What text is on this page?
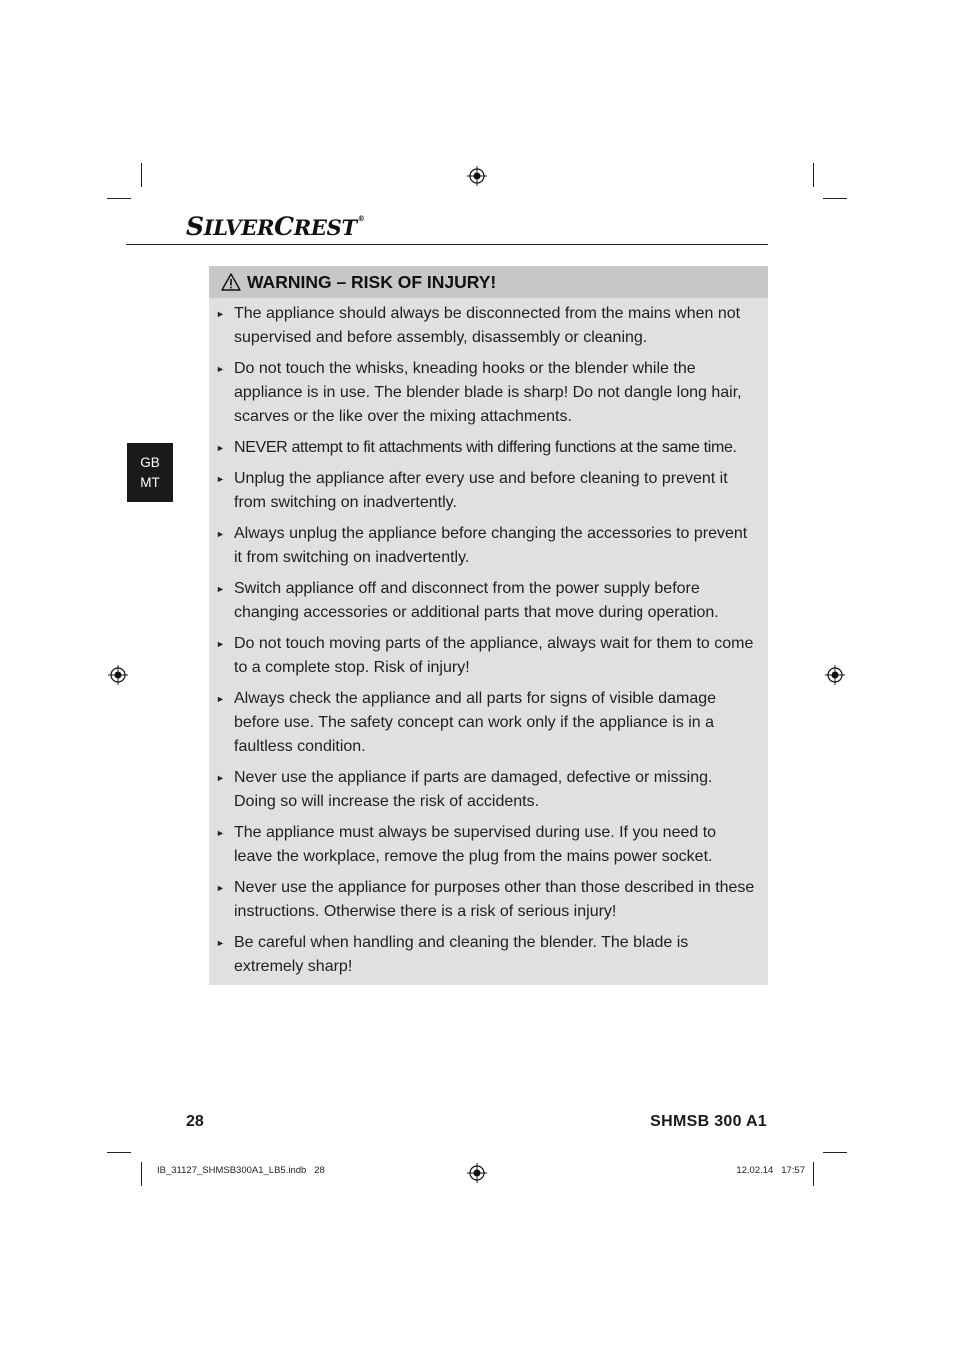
SILVERCREST®
GB
MT
WARNING – RISK OF INJURY!
► The appliance should always be disconnected from the mains when not supervised and before assembly, disassembly or cleaning.
► Do not touch the whisks, kneading hooks or the blender while the appliance is in use. The blender blade is sharp! Do not dangle long hair, scarves or the like over the mixing attachments.
► NEVER attempt to fit attachments with differing functions at the same time.
► Unplug the appliance after every use and before cleaning to prevent it from switching on inadvertently.
► Always unplug the appliance before changing the accessories to prevent it from switching on inadvertently.
► Switch appliance off and disconnect from the power supply before changing accessories or additional parts that move during operation.
► Do not touch moving parts of the appliance, always wait for them to come to a complete stop. Risk of injury!
► Always check the appliance and all parts for signs of visible damage before use. The safety concept can work only if the appliance is in a faultless condition.
► Never use the appliance if parts are damaged, defective or missing. Doing so will increase the risk of accidents.
► The appliance must always be supervised during use. If you need to leave the workplace, remove the plug from the mains power socket.
► Never use the appliance for purposes other than those described in these instructions. Otherwise there is a risk of serious injury!
► Be careful when handling and cleaning the blender. The blade is extremely sharp!
28	SHMSB 300 A1
IB_31127_SHMSB300A1_LB5.indb   28	12.02.14   17:57
